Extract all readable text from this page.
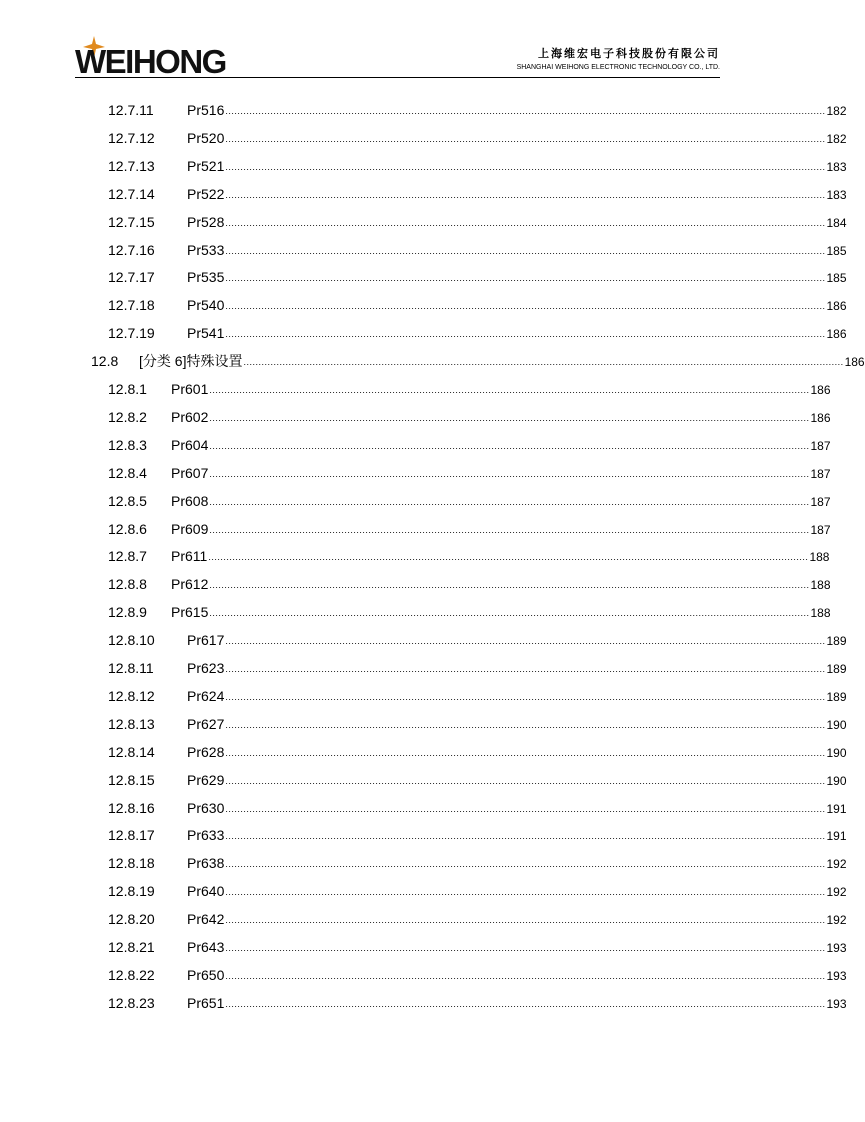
WEIHONG	上海维宏电子科技股份有限公司
SHANGHAI WEIHONG ELECTRONIC TECHNOLOGY CO., LTD.
12.7.11	Pr516 ........................................................................................................................................................................................................ 182
12.7.12	Pr520 ........................................................................................................................................................................................................ 182
12.7.13	Pr521 ........................................................................................................................................................................................................ 183
12.7.14	Pr522 ........................................................................................................................................................................................................ 183
12.7.15	Pr528 ........................................................................................................................................................................................................ 184
12.7.16	Pr533 ........................................................................................................................................................................................................ 185
12.7.17	Pr535 ........................................................................................................................................................................................................ 185
12.7.18	Pr540 ........................................................................................................................................................................................................ 186
12.7.19	Pr541 ........................................................................................................................................................................................................ 186
12.8	[分类 6]特殊设置 ........................................................................................................................................................................................................ 186
12.8.1	Pr601 ........................................................................................................................................................................................................ 186
12.8.2	Pr602 ........................................................................................................................................................................................................ 186
12.8.3	Pr604 ........................................................................................................................................................................................................ 187
12.8.4	Pr607 ........................................................................................................................................................................................................ 187
12.8.5	Pr608 ........................................................................................................................................................................................................ 187
12.8.6	Pr609 ........................................................................................................................................................................................................ 187
12.8.7	Pr611 ........................................................................................................................................................................................................ 188
12.8.8	Pr612 ........................................................................................................................................................................................................ 188
12.8.9	Pr615 ........................................................................................................................................................................................................ 188
12.8.10	Pr617 ........................................................................................................................................................................................................ 189
12.8.11	Pr623 ........................................................................................................................................................................................................ 189
12.8.12	Pr624 ........................................................................................................................................................................................................ 189
12.8.13	Pr627 ........................................................................................................................................................................................................ 190
12.8.14	Pr628 ........................................................................................................................................................................................................ 190
12.8.15	Pr629 ........................................................................................................................................................................................................ 190
12.8.16	Pr630 ........................................................................................................................................................................................................ 191
12.8.17	Pr633 ........................................................................................................................................................................................................ 191
12.8.18	Pr638 ........................................................................................................................................................................................................ 192
12.8.19	Pr640 ........................................................................................................................................................................................................ 192
12.8.20	Pr642 ........................................................................................................................................................................................................ 192
12.8.21	Pr643 ........................................................................................................................................................................................................ 193
12.8.22	Pr650 ........................................................................................................................................................................................................ 193
12.8.23	Pr651 ........................................................................................................................................................................................................ 193
